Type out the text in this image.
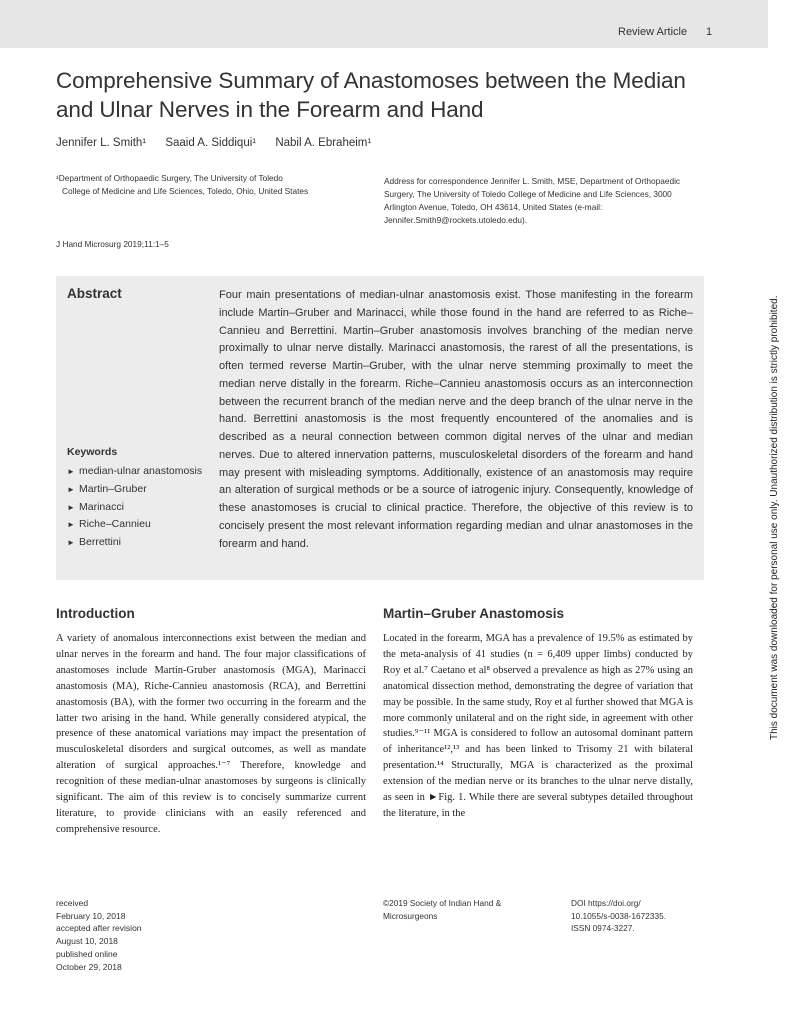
Review Article 1
Comprehensive Summary of Anastomoses between the Median and Ulnar Nerves in the Forearm and Hand
Jennifer L. Smith¹ Saaid A. Siddiqui¹ Nabil A. Ebraheim¹
¹Department of Orthopaedic Surgery, The University of Toledo
College of Medicine and Life Sciences, Toledo, Ohio, United States
Address for correspondence Jennifer L. Smith, MSE, Department of Orthopaedic Surgery, The University of Toledo College of Medicine and Life Sciences, 3000 Arlington Avenue, Toledo, OH 43614, United States (e-mail: Jennifer.Smith9@rockets.utoledo.edu).
J Hand Microsurg 2019;11:1–5
Abstract	Four main presentations of median-ulnar anastomosis exist. Those manifesting in the forearm include Martin–Gruber and Marinacci, while those found in the hand are referred to as Riche–Cannieu and Berrettini. Martin–Gruber anastomosis involves branching of the median nerve proximally to ulnar nerve distally. Marinacci anastomosis, the rarest of all the presentations, is often termed reverse Martin–Gruber, with the ulnar nerve stemming proximally to meet the median nerve distally in the forearm. Riche–Cannieu anastomosis occurs as an interconnection between the recurrent branch of the median nerve and the deep branch of the ulnar nerve in the hand. Berrettini anastomosis is the most frequently encountered of the anomalies and is described as a neural connection between common digital nerves of the ulnar and median nerves. Due to altered innervation patterns, musculoskeletal disorders of the forearm and hand may present with misleading symptoms. Additionally, existence of an anastomosis may require an alteration of surgical methods or be a source of iatrogenic injury. Consequently, knowledge of these anastomoses is crucial to clinical practice. Therefore, the objective of this review is to concisely present the most relevant information regarding median and ulnar anastomoses in the forearm and hand.
Keywords
► median-ulnar anastomosis
► Martin–Gruber
► Marinacci
► Riche–Cannieu
► Berrettini
Introduction
A variety of anomalous interconnections exist between the median and ulnar nerves in the forearm and hand. The four major classifications of anastomoses include Martin-Gruber anastomosis (MGA), Marinacci anastomosis (MA), Riche-Cannieu anastomosis (RCA), and Berrettini anastomosis (BA), with the former two occurring in the forearm and the latter two arising in the hand. While generally considered atypical, the presence of these anatomical variations may impact the presentation of musculoskeletal disorders and surgical outcomes, as well as mandate alteration of surgical approaches.¹⁻⁷ Therefore, knowledge and recognition of these median-ulnar anastomoses by surgeons is clinically significant. The aim of this review is to concisely summarize current literature, to provide clinicians with an easily referenced and comprehensive resource.
Martin–Gruber Anastomosis
Located in the forearm, MGA has a prevalence of 19.5% as estimated by the meta-analysis of 41 studies (n = 6,409 upper limbs) conducted by Roy et al.⁷ Caetano et al⁸ observed a prevalence as high as 27% using an anatomical dissection method, demonstrating the degree of variation that may be possible. In the same study, Roy et al further showed that MGA is more commonly unilateral and on the right side, in agreement with other studies.⁹⁻¹¹ MGA is considered to follow an autosomal dominant pattern of inheritance¹²,¹³ and has been linked to Trisomy 21 with bilateral presentation.¹⁴ Structurally, MGA is characterized as the proximal extension of the median nerve or its branches to the ulnar nerve distally, as seen in ►Fig. 1. While there are several subtypes detailed throughout the literature, in the
received
February 10, 2018
accepted after revision
August 10, 2018
published online
October 29, 2018
©2019 Society of Indian Hand &
Microsurgeons
DOI https://doi.org/
10.1055/s-0038-1672335.
ISSN 0974-3227.
This document was downloaded for personal use only. Unauthorized distribution is strictly prohibited.
